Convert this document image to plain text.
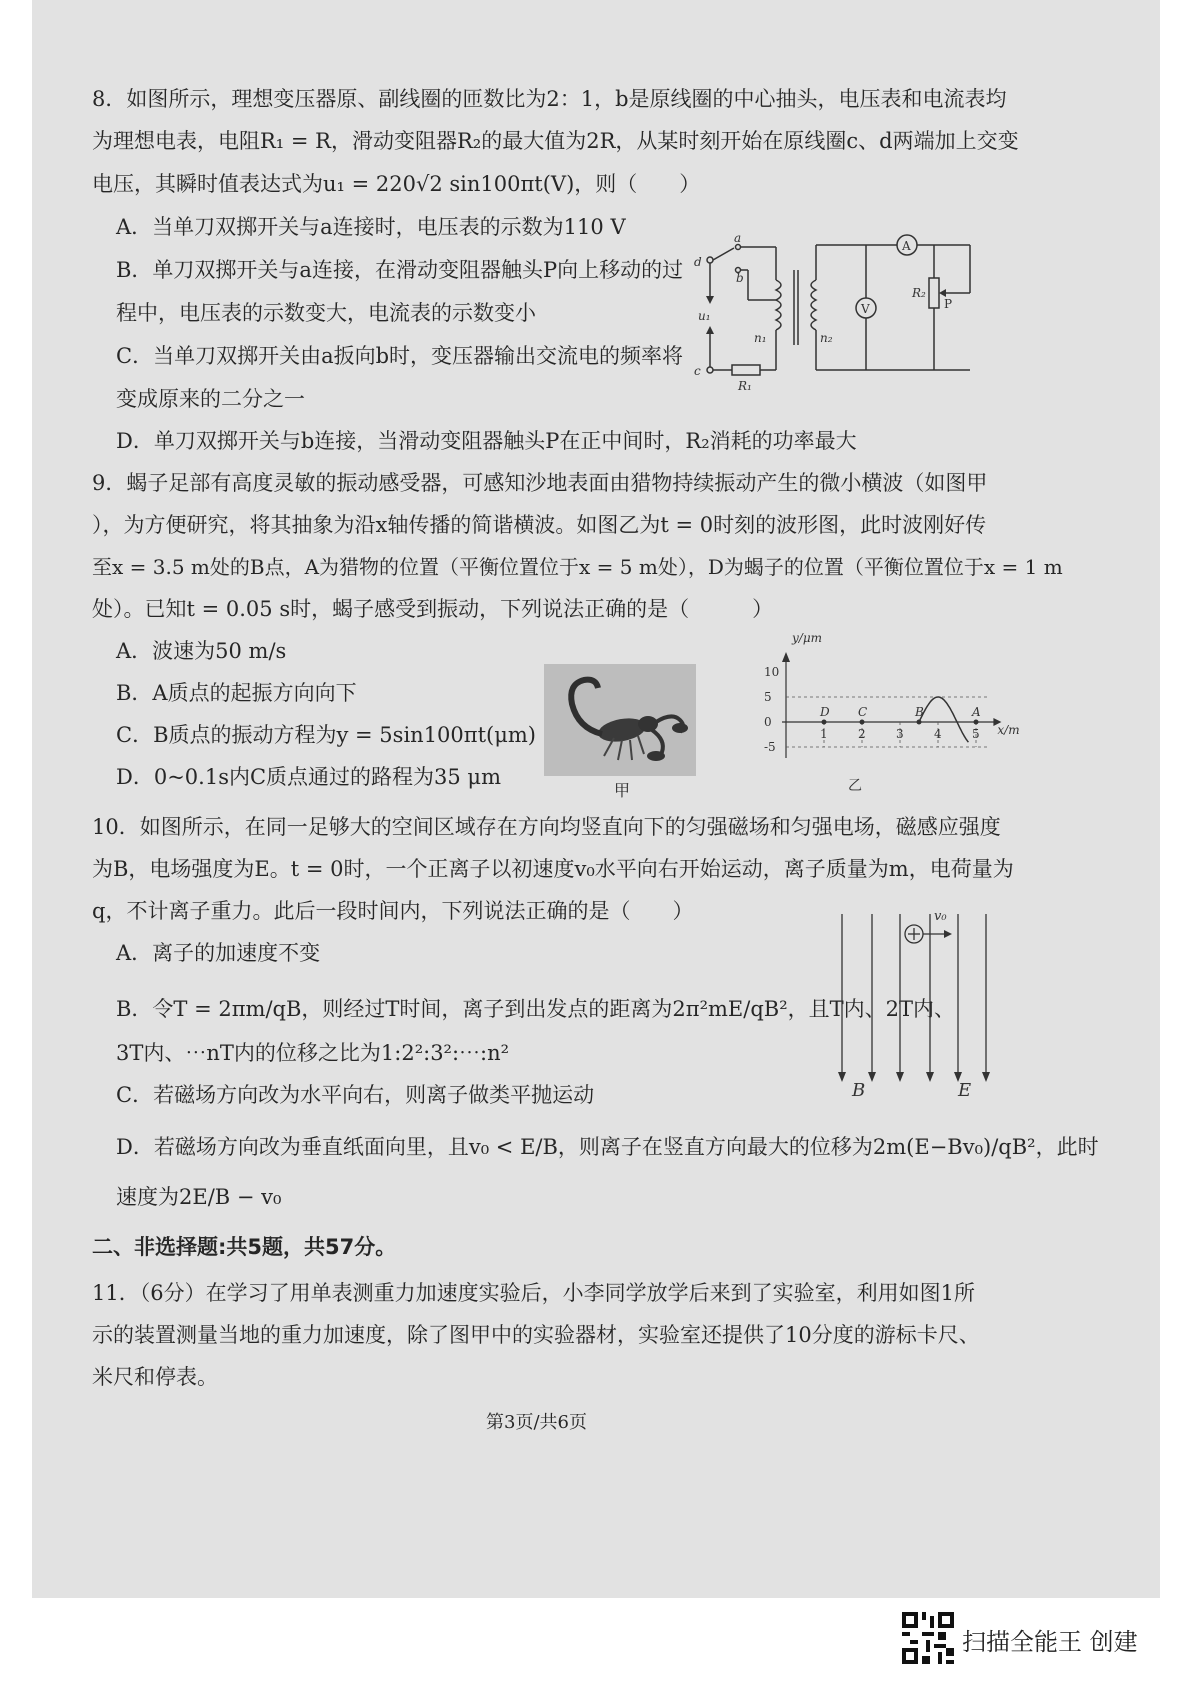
8．如图所示，理想变压器原、副线圈的匝数比为2：1，b是原线圈的中心抽头，电压表和电流表均
为理想电表，电阻R₁ = R，滑动变阻器R₂的最大值为2R，从某时刻开始在原线圈c、d两端加上交变
电压，其瞬时值表达式为u₁ = 220√2 sin100πt(V)，则（　　）
A．当单刀双掷开关与a连接时，电压表的示数为110 V
B．单刀双掷开关与a连接，在滑动变阻器触头P向上移动的过
程中，电压表的示数变大，电流表的示数变小
C．当单刀双掷开关由a扳向b时，变压器输出交流电的频率将
变成原来的二分之一
D．单刀双掷开关与b连接，当滑动变阻器触头P在正中间时，R₂消耗的功率最大
9．蝎子足部有高度灵敏的振动感受器，可感知沙地表面由猎物持续振动产生的微小横波（如图甲
），为方便研究，将其抽象为沿x轴传播的简谐横波。如图乙为t = 0时刻的波形图，此时波刚好传
至x = 3.5 m处的B点，A为猎物的位置（平衡位置位于x = 5 m处），D为蝎子的位置（平衡位置位于x = 1 m
处）。已知t = 0.05 s时，蝎子感受到振动，下列说法正确的是（　　　）
A．波速为50 m/s
B．A质点的起振方向向下
C．B质点的振动方程为y = 5sin100πt(μm)
D．0~0.1s内C质点通过的路程为35 μm
10．如图所示，在同一足够大的空间区域存在方向均竖直向下的匀强磁场和匀强电场，磁感应强度
为B，电场强度为E。t = 0时，一个正离子以初速度v₀水平向右开始运动，离子质量为m，电荷量为
q，不计离子重力。此后一段时间内，下列说法正确的是（　　）
A．离子的加速度不变
B．令T = 2πm/qB，则经过T时间，离子到出发点的距离为2π²mE/qB²，且T内、2T内、
3T内、⋯nT内的位移之比为1:2²:3²:⋯:n²
C．若磁场方向改为水平向右，则离子做类平抛运动
D．若磁场方向改为垂直纸面向里，且v₀ < E/B，则离子在竖直方向最大的位移为2m(E−Bv₀)/qB²，此时
速度为2E/B − v₀
二、非选择题:共5题，共57分。
11．（6分）在学习了用单表测重力加速度实验后，小李同学放学后来到了实验室，利用如图1所
示的装置测量当地的重力加速度，除了图甲中的实验器材，实验室还提供了10分度的游标卡尺、
米尺和停表。
a
b
d
c
u₁
n₁	n₂
R₁
R₂
P
A
V
甲
1	2	3	4	5
10
5
0
-5
D C	B	A
y/μm
x/m
乙
v₀
B	E
第3页/共6页
扫描全能王 创建
